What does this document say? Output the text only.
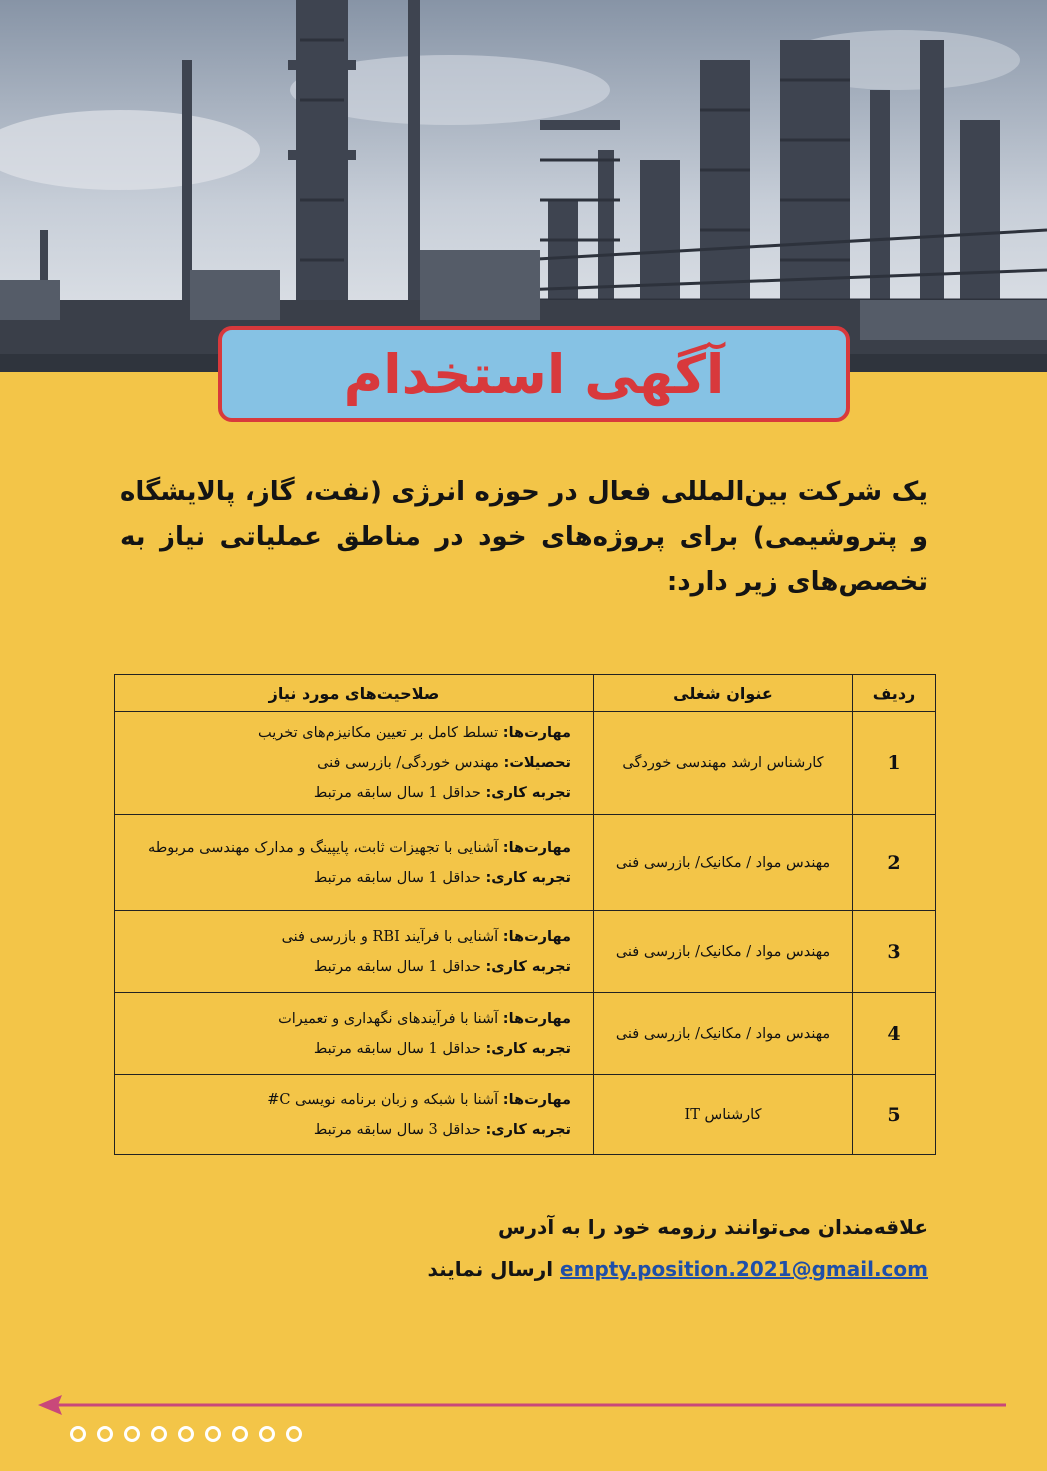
آگهی استخدام
یک شرکت بین‌المللی فعال در حوزه انرژی (نفت، گاز، پالایشگاه و پتروشیمی) برای پروژه‌های خود در مناطق عملیاتی نیاز به تخصص‌های زیر دارد:
ردیف	عنوان شغلی	صلاحیت‌های مورد نیاز
1	کارشناس ارشد مهندسی خوردگی	مهارت‌ها: تسلط کامل بر تعیین مکانیزم‌های تخریب
تحصیلات: مهندس خوردگی/ بازرسی فنی
تجربه کاری: حداقل 1 سال سابقه مرتبط

2	مهندس مواد / مکانیک/ بازرسی فنی	مهارت‌ها: آشنایی با تجهیزات ثابت، پایپینگ و مدارک مهندسی مربوطه
تجربه کاری: حداقل 1 سال سابقه مرتبط

3	مهندس مواد / مکانیک/ بازرسی فنی	مهارت‌ها: آشنایی با فرآیند RBI و بازرسی فنی
تجربه کاری: حداقل 1 سال سابقه مرتبط

4	مهندس مواد / مکانیک/ بازرسی فنی	مهارت‌ها: آشنا با فرآیندهای نگهداری و تعمیرات
تجربه کاری: حداقل 1 سال سابقه مرتبط

5	کارشناس IT	مهارت‌ها: آشنا با شبکه و زبان برنامه نویسی C#
تجربه کاری: حداقل 3 سال سابقه مرتبط
علاقه‌مندان می‌توانند رزومه خود را به آدرس empty.position.2021@gmail.com ارسال نمایند
